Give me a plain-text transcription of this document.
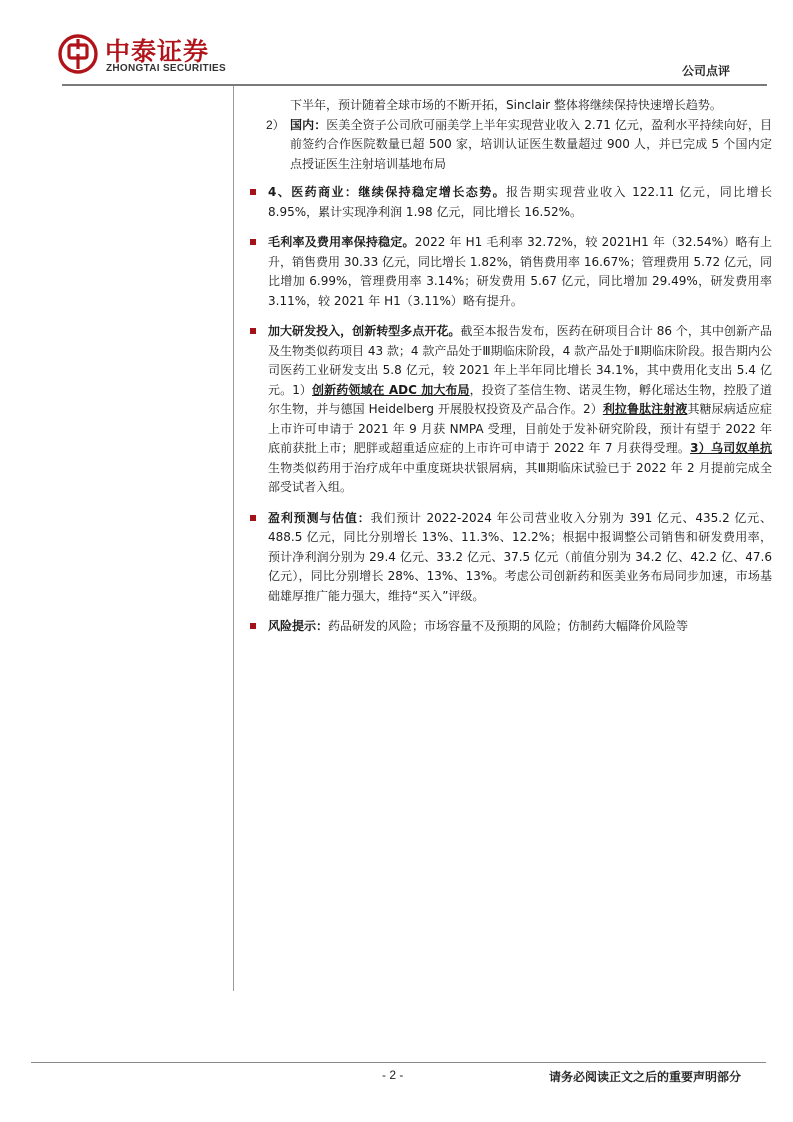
中泰证券
ZHONGTAI SECURITIES	公司点评
下半年，预计随着全球市场的不断开拓，Sinclair 整体将继续保持快速增长趋势。
2） 国内：医美全资子公司欣可丽美学上半年实现营业收入 2.71 亿元，盈利水平持续向好，目前签约合作医院数量已超 500 家，培训认证医生数量超过 900 人，并已完成 5 个国内定点授证医生注射培训基地布局
4、医药商业：继续保持稳定增长态势。报告期实现营业收入 122.11 亿元，同比增长 8.95%，累计实现净利润 1.98 亿元，同比增长 16.52%。
毛利率及费用率保持稳定。2022 年 H1 毛利率 32.72%，较 2021H1 年（32.54%）略有上升，销售费用 30.33 亿元，同比增长 1.82%，销售费用率 16.67%；管理费用 5.72 亿元，同比增加 6.99%，管理费用率 3.14%；研发费用 5.67 亿元，同比增加 29.49%，研发费用率 3.11%，较 2021 年 H1（3.11%）略有提升。
加大研发投入，创新转型多点开花。截至本报告发布，医药在研项目合计 86 个，其中创新产品及生物类似药项目 43 款；4 款产品处于Ⅲ期临床阶段，4 款产品处于Ⅱ期临床阶段。报告期内公司医药工业研发支出 5.8 亿元，较 2021 年上半年同比增长 34.1%，其中费用化支出 5.4 亿元。1）创新药领域在 ADC 加大布局，投资了荃信生物、诺灵生物，孵化瑶达生物，控股了道尔生物，并与德国 Heidelberg 开展股权投资及产品合作。2）利拉鲁肽注射液其糖尿病适应症上市许可申请于 2021 年 9 月获 NMPA 受理，目前处于发补研究阶段，预计有望于 2022 年底前获批上市；肥胖或超重适应症的上市许可申请于 2022 年 7 月获得受理。3）乌司奴单抗生物类似药用于治疗成年中重度斑块状银屑病，其Ⅲ期临床试验已于 2022 年 2 月提前完成全部受试者入组。
盈利预测与估值：我们预计 2022-2024 年公司营业收入分别为 391 亿元、435.2 亿元、488.5 亿元，同比分别增长 13%、11.3%、12.2%；根据中报调整公司销售和研发费用率，预计净利润分别为 29.4 亿元、33.2 亿元、37.5 亿元（前值分别为 34.2 亿、42.2 亿、47.6 亿元），同比分别增长 28%、13%、13%。考虑公司创新药和医美业务布局同步加速，市场基础雄厚推广能力强大，维持“买入”评级。
风险提示：药品研发的风险；市场容量不及预期的风险；仿制药大幅降价风险等
- 2 -	请务必阅读正文之后的重要声明部分
